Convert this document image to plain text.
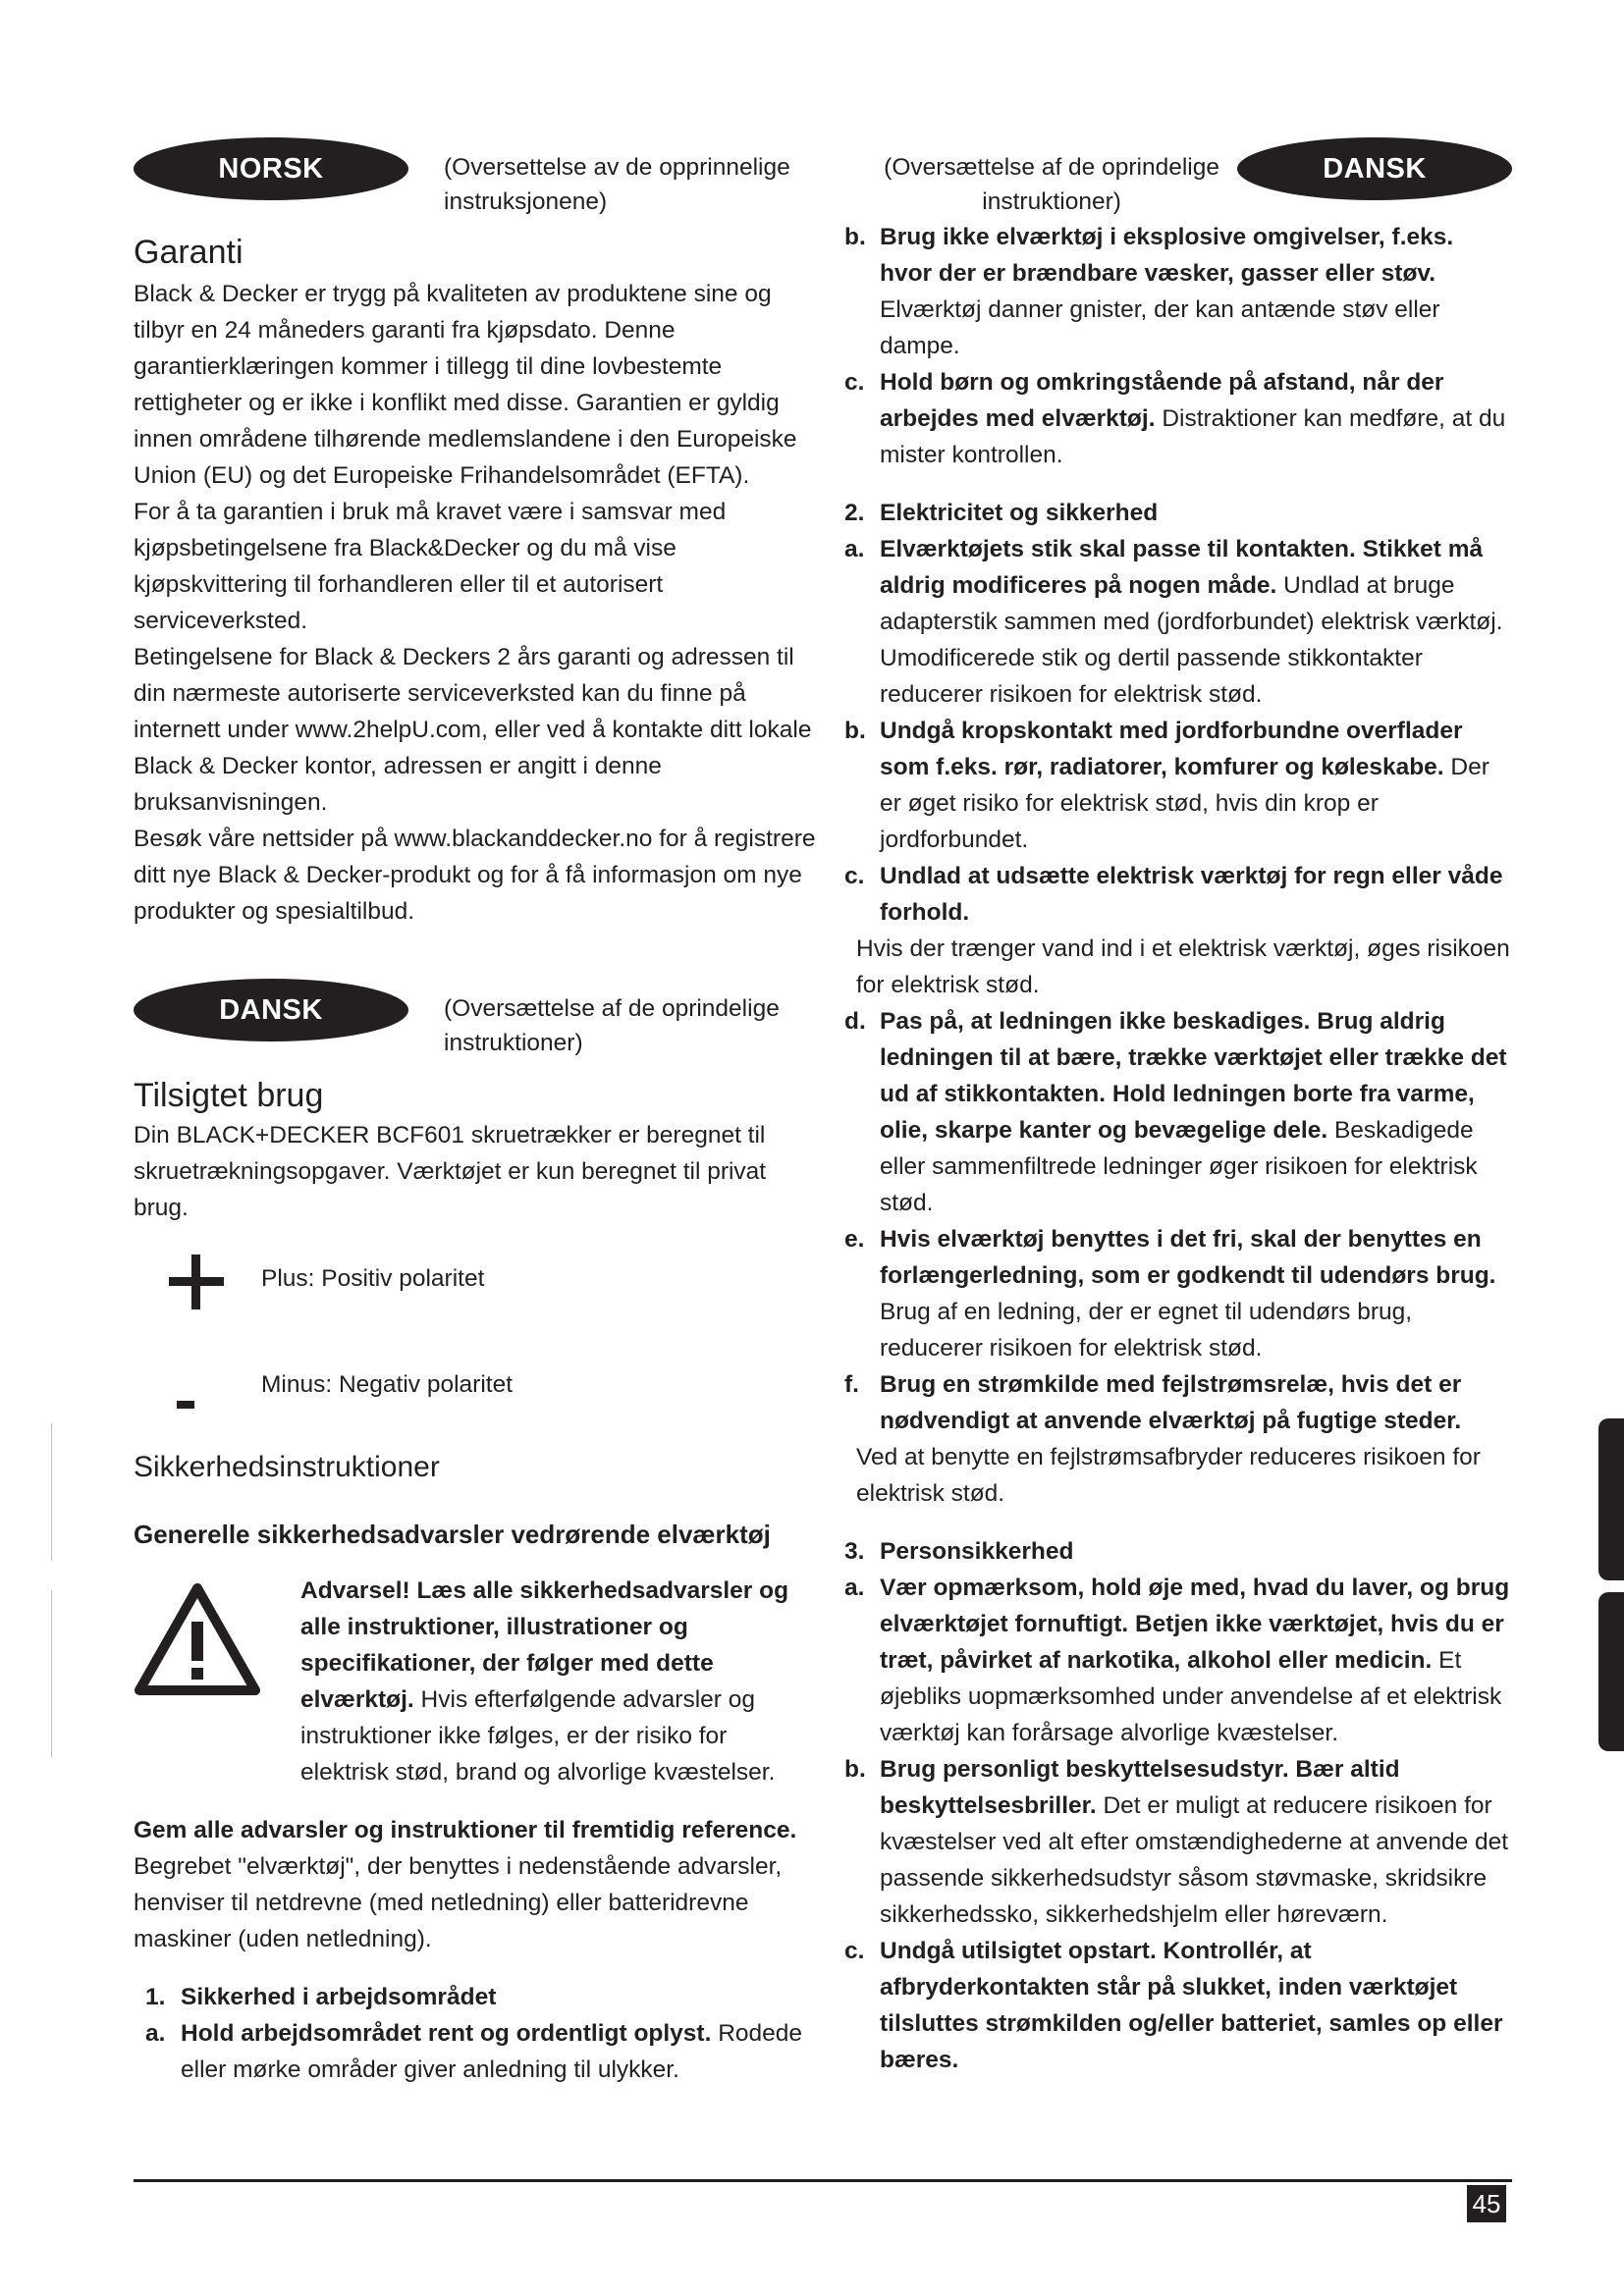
NORSK	(Oversettelse av de opprinnelige
instruksjonene)
Garanti

Black & Decker er trygg på kvaliteten av produktene sine og tilbyr en 24 måneders garanti fra kjøpsdato. Denne garantierklæringen kommer i tillegg til dine lovbestemte rettigheter og er ikke i konflikt med disse. Garantien er gyldig innen områdene tilhørende medlemslandene i den Europeiske Union (EU) og det Europeiske Frihandelsområdet (EFTA).

For å ta garantien i bruk må kravet være i samsvar med kjøpsbetingelsene fra Black&Decker og du må vise kjøpskvittering til forhandleren eller til et autorisert serviceverksted.

Betingelsene for Black & Deckers 2 års garanti og adressen til din nærmeste autoriserte serviceverksted kan du finne på internett under www.2helpU.com, eller ved å kontakte ditt lokale Black & Decker kontor, adressen er angitt i denne bruksanvisningen.

Besøk våre nettsider på www.blackanddecker.no for å registrere ditt nye Black & Decker-produkt og for å få informasjon om nye produkter og spesialtilbud.

DANSK	(Oversættelse af de oprindelige
instruktioner)
Tilsigtet brug

Din BLACK+DECKER BCF601 skruetrækker er beregnet til skruetrækningsopgaver. Værktøjet er kun beregnet til privat brug.

Plus: Positiv polaritet
Minus: Negativ polaritet
Sikkerhedsinstruktioner
Generelle sikkerhedsadvarsler vedrørende elværktøj
Advarsel! Læs alle sikkerhedsadvarsler og alle instruktioner, illustrationer og specifikationer, der følger med dette elværktøj. Hvis efterfølgende advarsler og instruktioner ikke følges, er der risiko for elektrisk stød, brand og alvorlige kvæstelser.
Gem alle advarsler og instruktioner til fremtidig reference.

Begrebet "elværktøj", der benyttes i nedenstående advarsler, henviser til netdrevne (med netledning) eller batteridrevne maskiner (uden netledning).

1. Sikkerhed i arbejdsområdet
a. Hold arbejdsområdet rent og ordentligt oplyst. Rodede eller mørke områder giver anledning til ulykker.
(Oversættelse af de oprindelige
instruktioner)
DANSK
b. Brug ikke elværktøj i eksplosive omgivelser, f.eks. hvor der er brændbare væsker, gasser eller støv. Elværktøj danner gnister, der kan antænde støv eller dampe.
c. Hold børn og omkringstående på afstand, når der arbejdes med elværktøj. Distraktioner kan medføre, at du mister kontrollen.
2. Elektricitet og sikkerhed
a. Elværktøjets stik skal passe til kontakten. Stikket må aldrig modificeres på nogen måde. Undlad at bruge adapterstik sammen med (jordforbundet) elektrisk værktøj. Umodificerede stik og dertil passende stikkontakter reducerer risikoen for elektrisk stød.
b. Undgå kropskontakt med jordforbundne overflader som f.eks. rør, radiatorer, komfurer og køleskabe. Der er øget risiko for elektrisk stød, hvis din krop er jordforbundet.
c. Undlad at udsætte elektrisk værktøj for regn eller våde forhold.

Hvis der trænger vand ind i et elektrisk værktøj, øges risikoen for elektrisk stød.

d. Pas på, at ledningen ikke beskadiges. Brug aldrig ledningen til at bære, trække værktøjet eller trække det ud af stikkontakten. Hold ledningen borte fra varme, olie, skarpe kanter og bevægelige dele. Beskadigede eller sammenfiltrede ledninger øger risikoen for elektrisk stød.
e. Hvis elværktøj benyttes i det fri, skal der benyttes en forlængerledning, som er godkendt til udendørs brug. Brug af en ledning, der er egnet til udendørs brug, reducerer risikoen for elektrisk stød.
f. Brug en strømkilde med fejlstrømsrelæ, hvis det er nødvendigt at anvende elværktøj på fugtige steder.

Ved at benytte en fejlstrømsafbryder reduceres risikoen for elektrisk stød.

3. Personsikkerhed
a. Vær opmærksom, hold øje med, hvad du laver, og brug elværktøjet fornuftigt. Betjen ikke værktøjet, hvis du er træt, påvirket af narkotika, alkohol eller medicin. Et øjebliks uopmærksomhed under anvendelse af et elektrisk værktøj kan forårsage alvorlige kvæstelser.
b. Brug personligt beskyttelsesudstyr. Bær altid beskyttelsesbriller. Det er muligt at reducere risikoen for kvæstelser ved alt efter omstændighederne at anvende det passende sikkerhedsudstyr såsom støvmaske, skridsikre sikkerhedssko, sikkerhedshjelm eller høreværn.
c. Undgå utilsigtet opstart. Kontrollér, at afbryderkontakten står på slukket, inden værktøjet tilsluttes strømkilden og/eller batteriet, samles op eller bæres.
45
